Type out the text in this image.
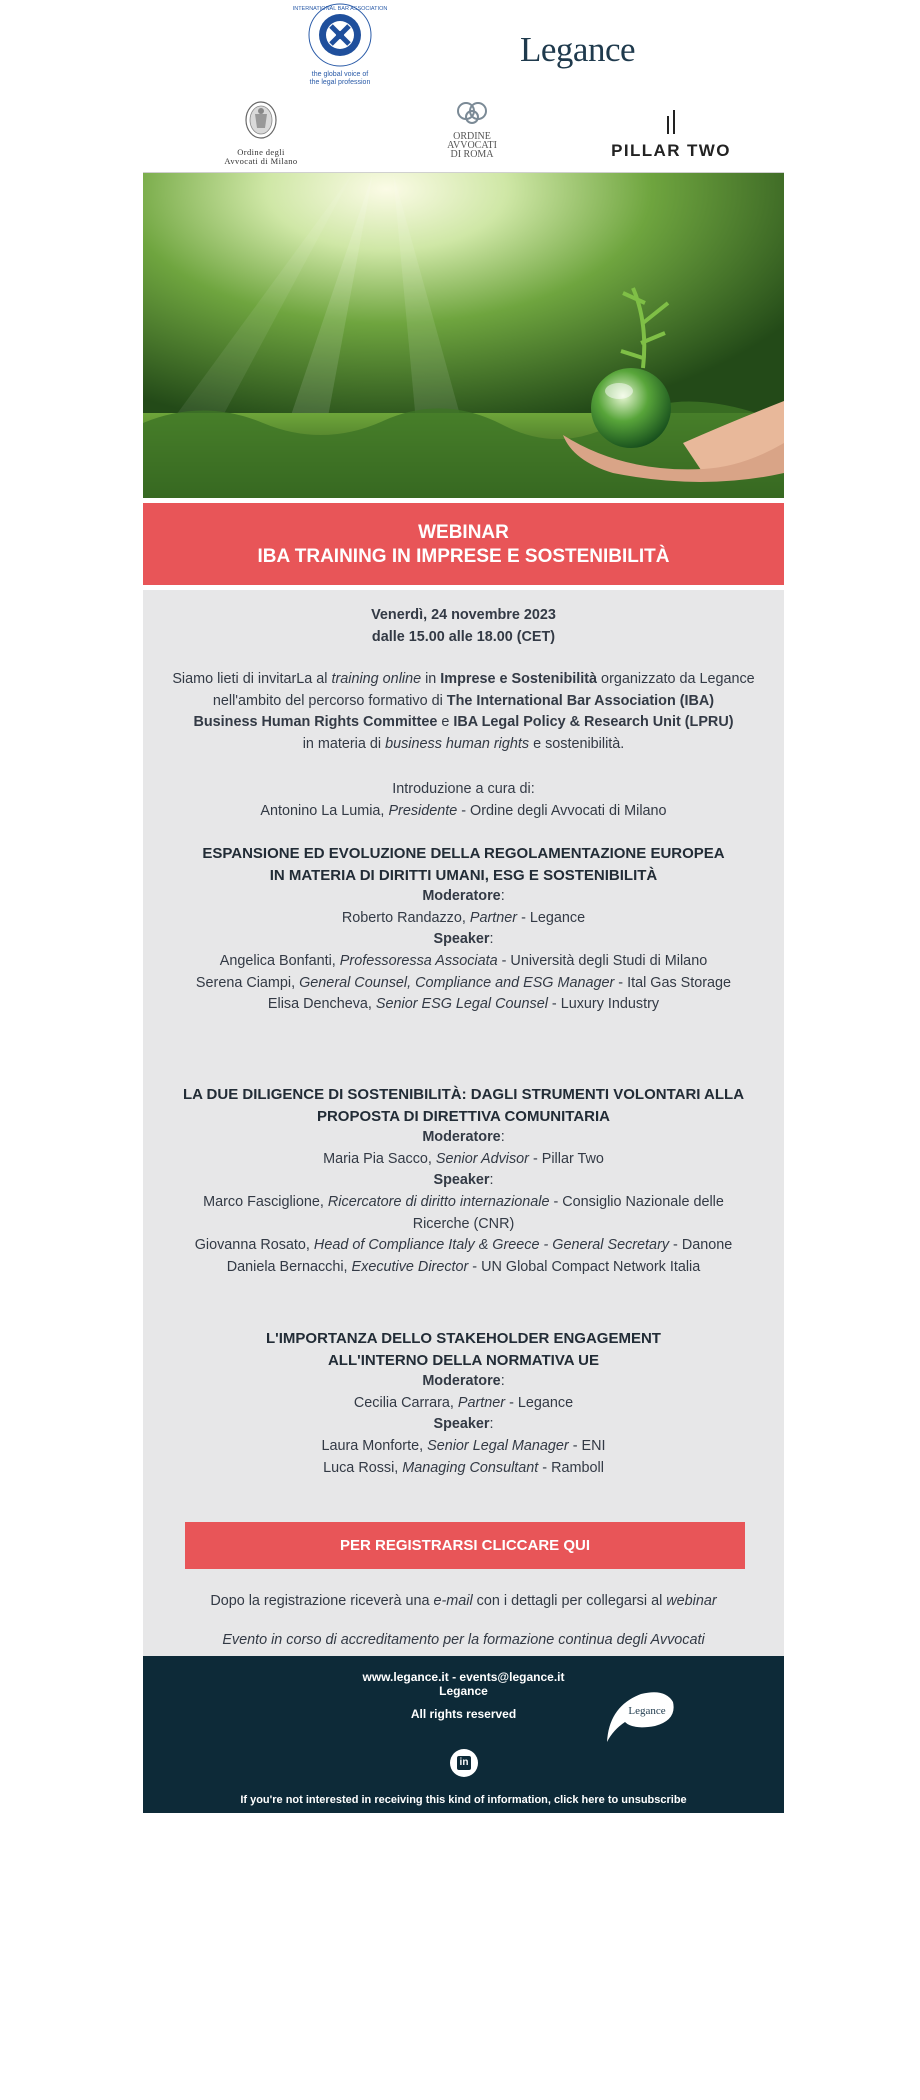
INTERNATIONAL BAR ASSOCIATION
the global voice of
the legal profession
Legance
Ordine degli
Avvocati di Milano
ORDINE
AVVOCATI
DI ROMA	PILLAR TWO
WEBINAR
IBA TRAINING IN IMPRESE E SOSTENIBILITÀ

Venerdì, 24 novembre 2023

dalle 15.00 alle 18.00 (CET)

Siamo lieti di invitarLa al training online in Imprese e Sostenibilità organizzato da Legance

nell'ambito del percorso formativo di The International Bar Association (IBA)

Business Human Rights Committee e IBA Legal Policy & Research Unit (LPRU)

in materia di business human rights e sostenibilità.

Introduzione a cura di:

Antonino La Lumia, Presidente - Ordine degli Avvocati di Milano

ESPANSIONE ED EVOLUZIONE DELLA REGOLAMENTAZIONE EUROPEA

IN MATERIA DI DIRITTI UMANI, ESG E SOSTENIBILITÀ

Moderatore:

Roberto Randazzo, Partner - Legance

Speaker:

Angelica Bonfanti, Professoressa Associata - Università degli Studi di Milano

Serena Ciampi, General Counsel, Compliance and ESG Manager - Ital Gas Storage

Elisa Dencheva, Senior ESG Legal Counsel - Luxury Industry

LA DUE DILIGENCE DI SOSTENIBILITÀ: DAGLI STRUMENTI VOLONTARI ALLA

PROPOSTA DI DIRETTIVA COMUNITARIA

Moderatore:

Maria Pia Sacco, Senior Advisor - Pillar Two

Speaker:

Marco Fasciglione, Ricercatore di diritto internazionale - Consiglio Nazionale delle Ricerche (CNR)

Giovanna Rosato, Head of Compliance Italy & Greece - General Secretary - Danone

Daniela Bernacchi, Executive Director - UN Global Compact Network Italia

L'IMPORTANZA DELLO STAKEHOLDER ENGAGEMENT

ALL'INTERNO DELLA NORMATIVA UE

Moderatore:

Cecilia Carrara, Partner - Legance

Speaker:

Laura Monforte, Senior Legal Manager - ENI

Luca Rossi, Managing Consultant - Ramboll

PER REGISTRARSI CLICCARE QUI

Dopo la registrazione riceverà una e-mail con i dettagli per collegarsi al webinar

Evento in corso di accreditamento per la formazione continua degli Avvocati

www.legance.it - events@legance.it
Legance
All rights reserved	Legance
in
If you're not interested in receiving this kind of information, click here to unsubscribe
